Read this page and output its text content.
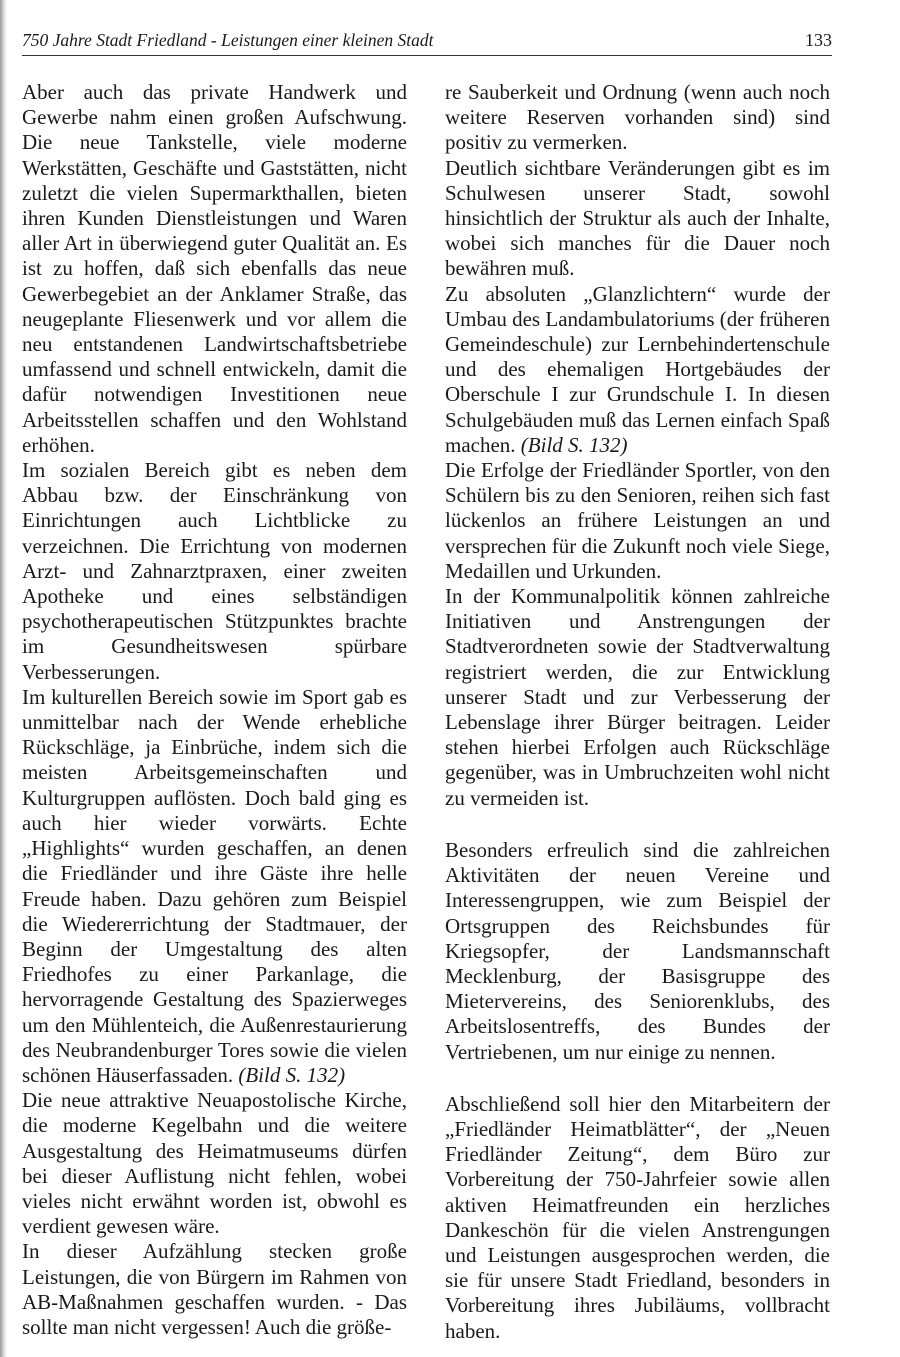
750 Jahre Stadt Friedland - Leistungen einer kleinen Stadt	133

Aber auch das private Handwerk und Gewerbe nahm einen großen Aufschwung. Die neue Tankstelle, viele moderne Werkstätten, Geschäfte und Gaststätten, nicht zuletzt die vielen Supermarkthallen, bieten ihren Kunden Dienstleistungen und Waren aller Art in überwiegend guter Qualität an. Es ist zu hoffen, daß sich ebenfalls das neue Gewerbegebiet an der Anklamer Straße, das neugeplante Fliesenwerk und vor allem die neu entstandenen Landwirtschaftsbetriebe umfassend und schnell entwickeln, damit die dafür notwendigen Investitionen neue Arbeitsstellen schaffen und den Wohlstand erhöhen.

Im sozialen Bereich gibt es neben dem Abbau bzw. der Einschränkung von Einrichtungen auch Lichtblicke zu verzeichnen. Die Errichtung von modernen Arzt- und Zahnarztpraxen, einer zweiten Apotheke und eines selbständigen psychotherapeutischen Stützpunktes brachte im Gesundheitswesen spürbare Verbesserungen.

Im kulturellen Bereich sowie im Sport gab es unmittelbar nach der Wende erhebliche Rückschläge, ja Einbrüche, indem sich die meisten Arbeitsgemeinschaften und Kulturgruppen auflösten. Doch bald ging es auch hier wieder vorwärts. Echte „Highlights“ wurden geschaffen, an denen die Friedländer und ihre Gäste ihre helle Freude haben. Dazu gehören zum Beispiel die Wiedererrichtung der Stadtmauer, der Beginn der Umgestaltung des alten Friedhofes zu einer Parkanlage, die hervorragende Gestaltung des Spazierweges um den Mühlenteich, die Außenrestaurierung des Neubrandenburger Tores sowie die vielen schönen Häuserfassaden. (Bild S. 132)

Die neue attraktive Neuapostolische Kirche, die moderne Kegelbahn und die weitere Ausgestaltung des Heimatmuseums dürfen bei dieser Auflistung nicht fehlen, wobei vieles nicht erwähnt worden ist, obwohl es verdient gewesen wäre.

In dieser Aufzählung stecken große Leistungen, die von Bürgern im Rahmen von AB-Maßnahmen geschaffen wurden. - Das sollte man nicht vergessen! Auch die größe-

re Sauberkeit und Ordnung (wenn auch noch weitere Reserven vorhanden sind) sind positiv zu vermerken.

Deutlich sichtbare Veränderungen gibt es im Schulwesen unserer Stadt, sowohl hinsichtlich der Struktur als auch der Inhalte, wobei sich manches für die Dauer noch bewähren muß.

Zu absoluten „Glanzlichtern“ wurde der Umbau des Landambulatoriums (der früheren Gemeindeschule) zur Lernbehindertenschule und des ehemaligen Hortgebäudes der Oberschule I zur Grundschule I. In diesen Schulgebäuden muß das Lernen einfach Spaß machen. (Bild S. 132)

Die Erfolge der Friedländer Sportler, von den Schülern bis zu den Senioren, reihen sich fast lückenlos an frühere Leistungen an und versprechen für die Zukunft noch viele Siege, Medaillen und Urkunden.

In der Kommunalpolitik können zahlreiche Initiativen und Anstrengungen der Stadtverordneten sowie der Stadtverwaltung registriert werden, die zur Entwicklung unserer Stadt und zur Verbesserung der Lebenslage ihrer Bürger beitragen. Leider stehen hierbei Erfolgen auch Rückschläge gegenüber, was in Umbruchzeiten wohl nicht zu vermeiden ist.

Besonders erfreulich sind die zahlreichen Aktivitäten der neuen Vereine und Interessengruppen, wie zum Beispiel der Ortsgruppen des Reichsbundes für Kriegsopfer, der Landsmannschaft Mecklenburg, der Basisgruppe des Mietervereins, des Seniorenklubs, des Arbeitslosentreffs, des Bundes der Vertriebenen, um nur einige zu nennen.

Abschließend soll hier den Mitarbeitern der „Friedländer Heimatblätter“, der „Neuen Friedländer Zeitung“, dem Büro zur Vorbereitung der 750-Jahrfeier sowie allen aktiven Heimatfreunden ein herzliches Dankeschön für die vielen Anstrengungen und Leistungen ausgesprochen werden, die sie für unsere Stadt Friedland, besonders in Vorbereitung ihres Jubiläums, vollbracht haben.
